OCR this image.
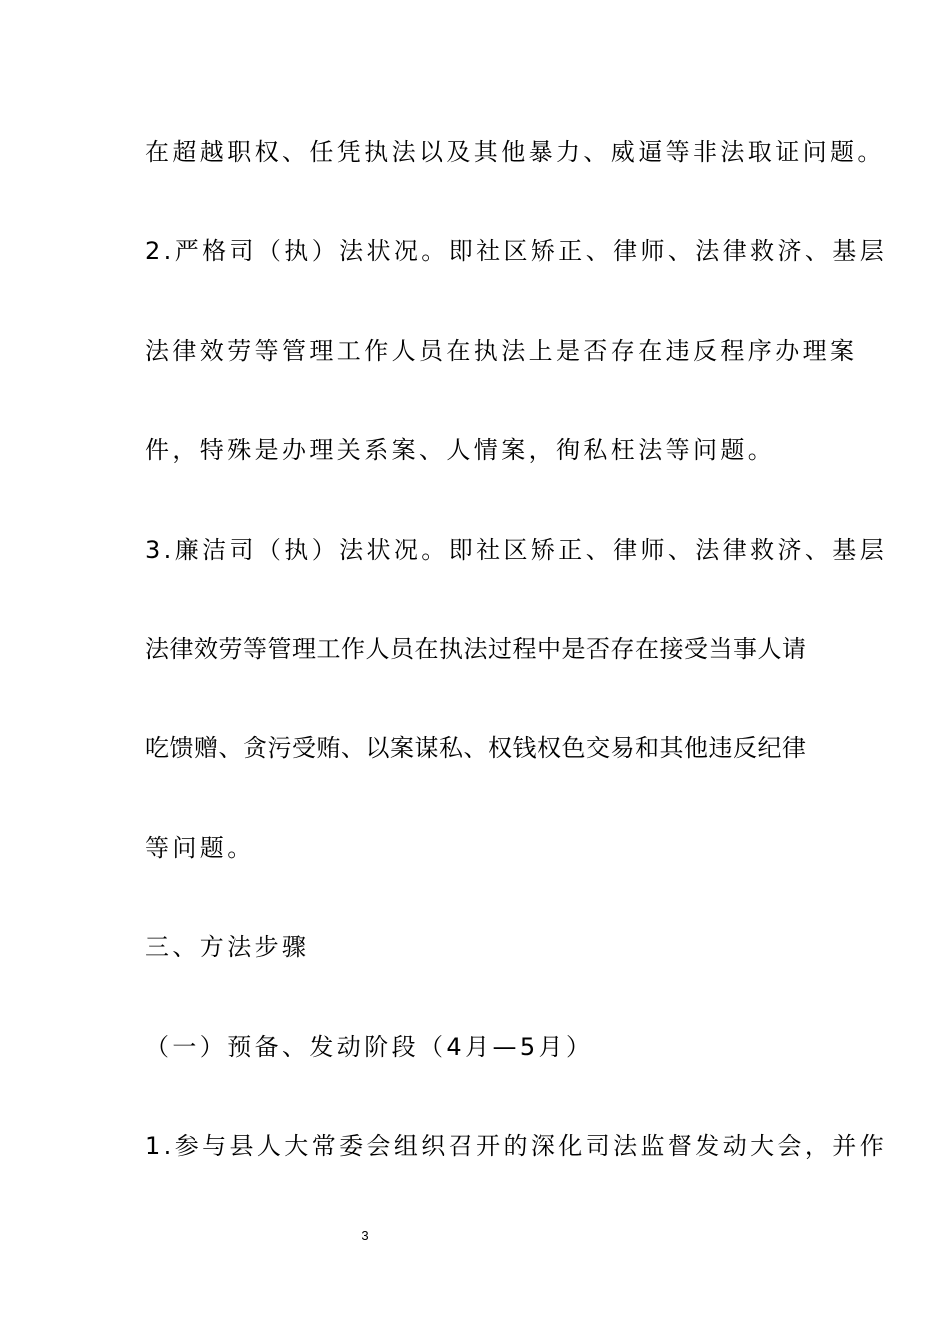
在超越职权、任凭执法以及其他暴力、威逼等非法取证问题。
2.严格司（执）法状况。即社区矫正、律师、法律救济、基层
法律效劳等管理工作人员在执法上是否存在违反程序办理案
件，特殊是办理关系案、人情案，徇私枉法等问题。
3.廉洁司（执）法状况。即社区矫正、律师、法律救济、基层
法律效劳等管理工作人员在执法过程中是否存在接受当事人请
吃馈赠、贪污受贿、以案谋私、权钱权色交易和其他违反纪律
等问题。
三、方法步骤
（一）预备、发动阶段（4月—5月）
1.参与县人大常委会组织召开的深化司法监督发动大会，并作
3
